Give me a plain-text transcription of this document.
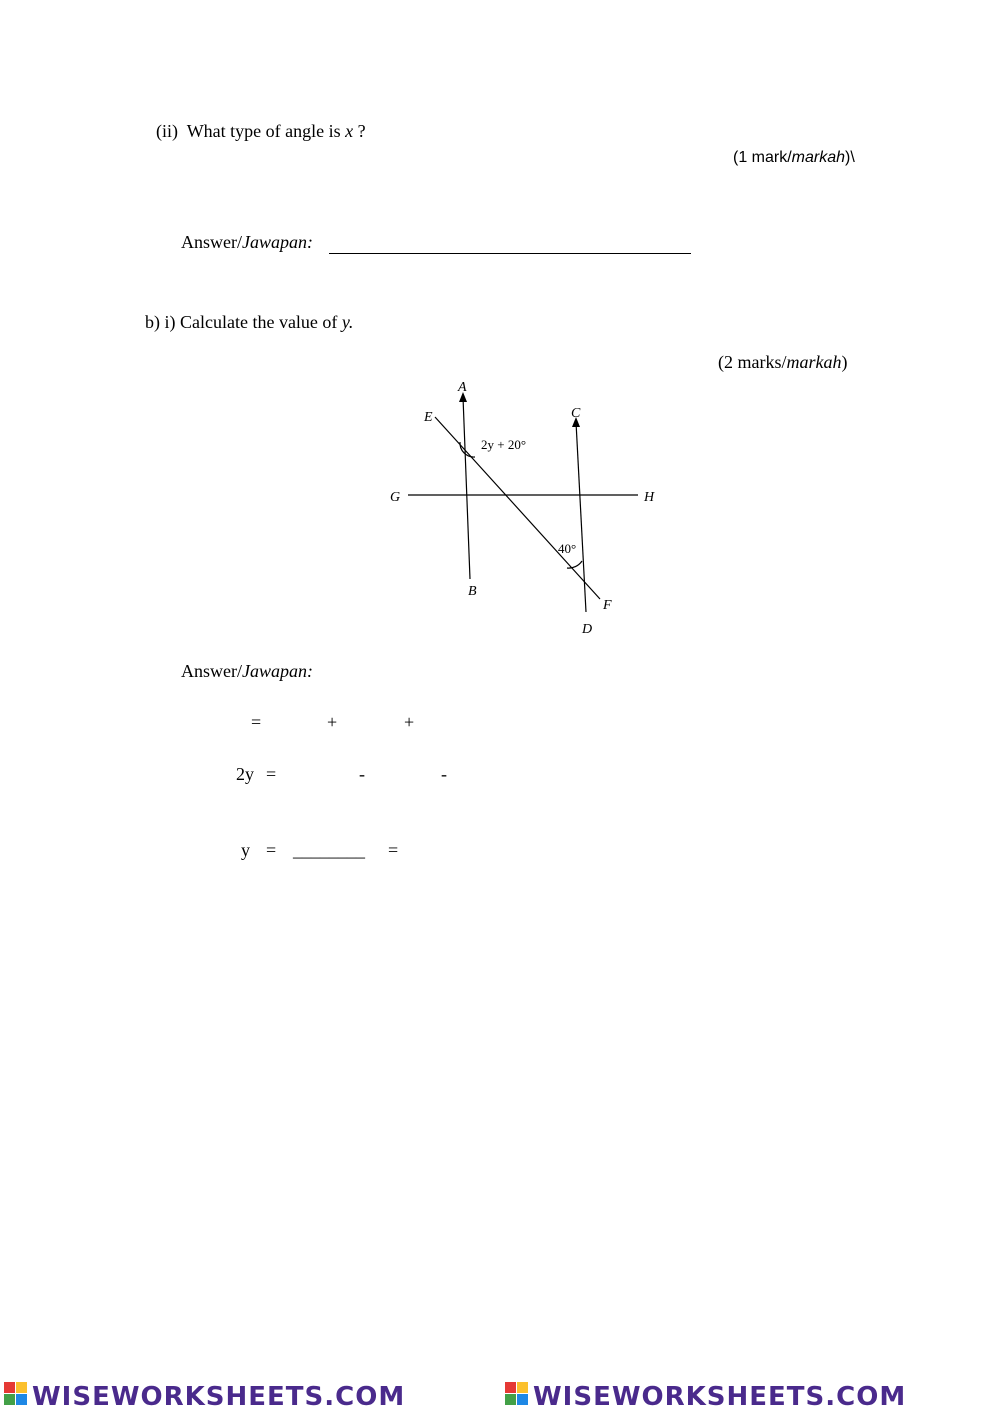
(ii) What type of angle is x ?
(1 mark/markah)\
Answer/Jawapan:
b) i) Calculate the value of y.
(2 marks/markah)
A
B
C
D
E
F
G	H
2y + 20°
40°
Answer/Jawapan:
=	+	+
2y =	-	-
y = ________ =
WISEWORKSHEETS.COM	WISEWORKSHEETS.COM
